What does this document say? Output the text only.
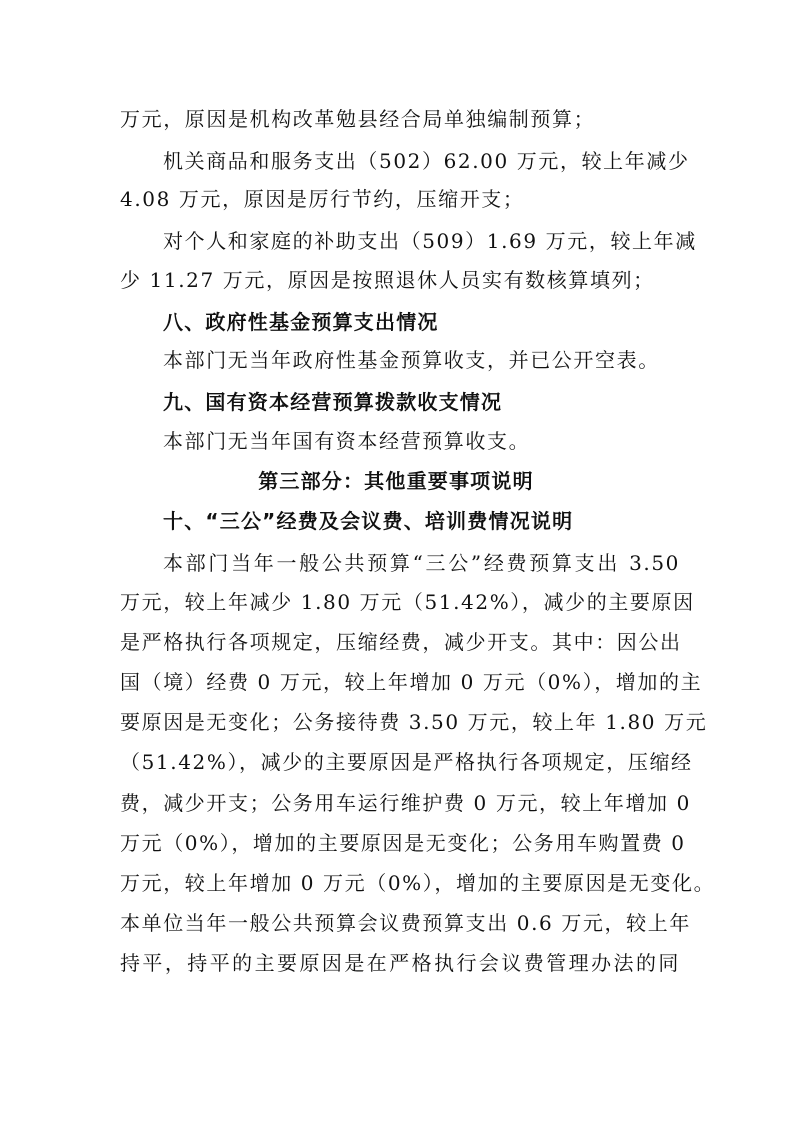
万元，原因是机构改革勉县经合局单独编制预算；
机关商品和服务支出（502）62.00 万元，较上年减少
4.08 万元，原因是厉行节约，压缩开支；
对个人和家庭的补助支出（509）1.69 万元，较上年减
少 11.27 万元，原因是按照退休人员实有数核算填列；
八、政府性基金预算支出情况
本部门无当年政府性基金预算收支，并已公开空表。
九、国有资本经营预算拨款收支情况
本部门无当年国有资本经营预算收支。
第三部分：其他重要事项说明
十、“三公”经费及会议费、培训费情况说明
本部门当年一般公共预算“三公”经费预算支出 3.50
万元，较上年减少 1.80 万元（51.42%），减少的主要原因
是严格执行各项规定，压缩经费，减少开支。其中：因公出
国（境）经费 0 万元，较上年增加 0 万元（0%），增加的主
要原因是无变化；公务接待费 3.50 万元，较上年 1.80 万元
（51.42%），减少的主要原因是严格执行各项规定，压缩经
费，减少开支；公务用车运行维护费 0 万元，较上年增加 0
万元（0%），增加的主要原因是无变化；公务用车购置费 0
万元，较上年增加 0 万元（0%），增加的主要原因是无变化。
本单位当年一般公共预算会议费预算支出 0.6 万元，较上年
持平，持平的主要原因是在严格执行会议费管理办法的同
